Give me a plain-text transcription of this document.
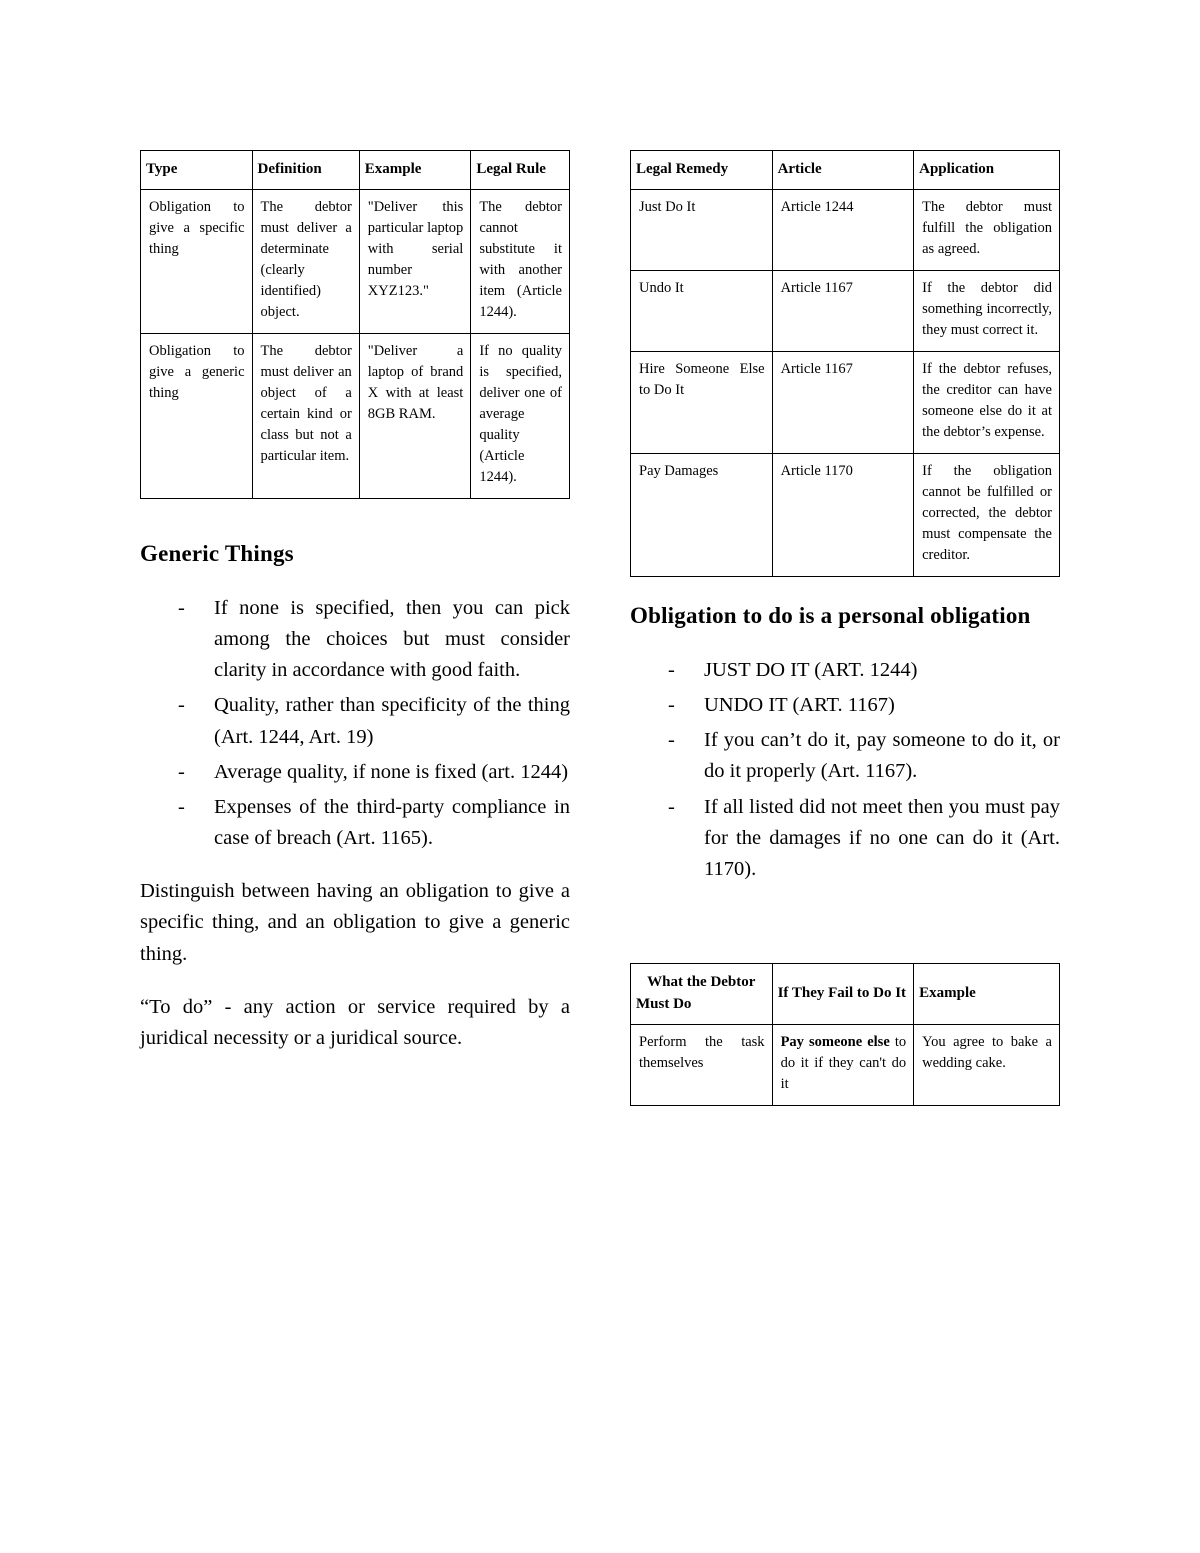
Type	Definition	Example	Legal Rule
Obligation to give a specific thing	The debtor must deliver a determinate (clearly identified) object.	"Deliver this particular laptop with serial number XYZ123."	The debtor cannot substitute it with another item (Article 1244).
Obligation to give a generic thing	The debtor must deliver an object of a certain kind or class but not a particular item.	"Deliver a laptop of brand X with at least 8GB RAM.	If no quality is specified, deliver one of average quality (Article 1244).
Generic Things
- If none is specified, then you can pick among the choices but must consider clarity in accordance with good faith.
- Quality, rather than specificity of the thing (Art. 1244, Art. 19)
- Average quality, if none is fixed (art. 1244)
- Expenses of the third-party compliance in case of breach (Art. 1165).

Distinguish between having an obligation to give a specific thing, and an obligation to give a generic thing.

“To do” - any action or service required by a juridical necessity or a juridical source.

Legal Remedy	Article	Application
Just Do It	Article 1244	The debtor must fulfill the obligation as agreed.
Undo It	Article 1167	If the debtor did something incorrectly, they must correct it.
Hire Someone Else to Do It	Article 1167	If the debtor refuses, the creditor can have someone else do it at the debtor’s expense.
Pay Damages	Article 1170	If the obligation cannot be fulfilled or corrected, the debtor must compensate the creditor.
Obligation to do is a personal obligation
- JUST DO IT (ART. 1244)
- UNDO IT (ART. 1167)
- If you can’t do it, pay someone to do it, or do it properly (Art. 1167).
- If all listed did not meet then you must pay for the damages if no one can do it (Art. 1170).
What the Debtor Must Do	If They Fail to Do It	Example
Perform the task themselves	Pay someone else to do it if they can't do it	You agree to bake a wedding cake.
